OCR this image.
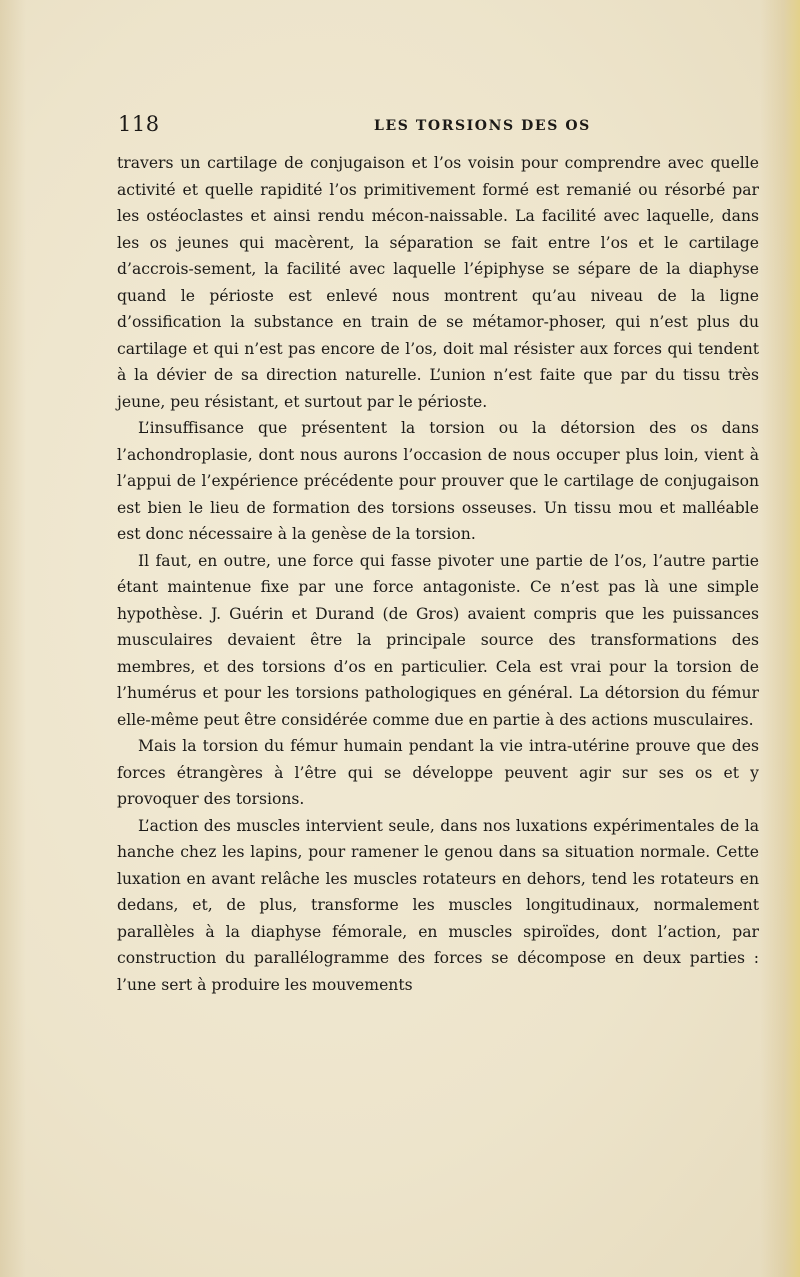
118	LES TORSIONS DES OS

travers un cartilage de conjugaison et l’os voisin pour comprendre avec quelle activité et quelle rapidité l’os primitivement formé est remanié ou résorbé par les ostéoclastes et ainsi rendu mécon-naissable. La facilité avec laquelle, dans les os jeunes qui macèrent, la séparation se fait entre l’os et le cartilage d’accrois-sement, la facilité avec laquelle l’épiphyse se sépare de la diaphyse quand le périoste est enlevé nous montrent qu’au niveau de la ligne d’ossification la substance en train de se métamor-phoser, qui n’est plus du cartilage et qui n’est pas encore de l’os, doit mal résister aux forces qui tendent à la dévier de sa direction naturelle. L’union n’est faite que par du tissu très jeune, peu résistant, et surtout par le périoste.

L’insuffisance que présentent la torsion ou la détorsion des os dans l’achondroplasie, dont nous aurons l’occasion de nous occuper plus loin, vient à l’appui de l’expérience précédente pour prouver que le cartilage de conjugaison est bien le lieu de formation des torsions osseuses. Un tissu mou et malléable est donc nécessaire à la genèse de la torsion.

Il faut, en outre, une force qui fasse pivoter une partie de l’os, l’autre partie étant maintenue fixe par une force antagoniste. Ce n’est pas là une simple hypothèse. J. Guérin et Durand (de Gros) avaient compris que les puissances musculaires devaient être la principale source des transformations des membres, et des torsions d’os en particulier. Cela est vrai pour la torsion de l’humérus et pour les torsions pathologiques en général. La détorsion du fémur elle-même peut être considérée comme due en partie à des actions musculaires.

Mais la torsion du fémur humain pendant la vie intra-utérine prouve que des forces étrangères à l’être qui se développe peuvent agir sur ses os et y provoquer des torsions.

L’action des muscles intervient seule, dans nos luxations expérimentales de la hanche chez les lapins, pour ramener le genou dans sa situation normale. Cette luxation en avant relâche les muscles rotateurs en dehors, tend les rotateurs en dedans, et, de plus, transforme les muscles longitudinaux, normalement parallèles à la diaphyse fémorale, en muscles spiroïdes, dont l’action, par construction du parallélogramme des forces se décompose en deux parties : l’une sert à produire les mouvements
